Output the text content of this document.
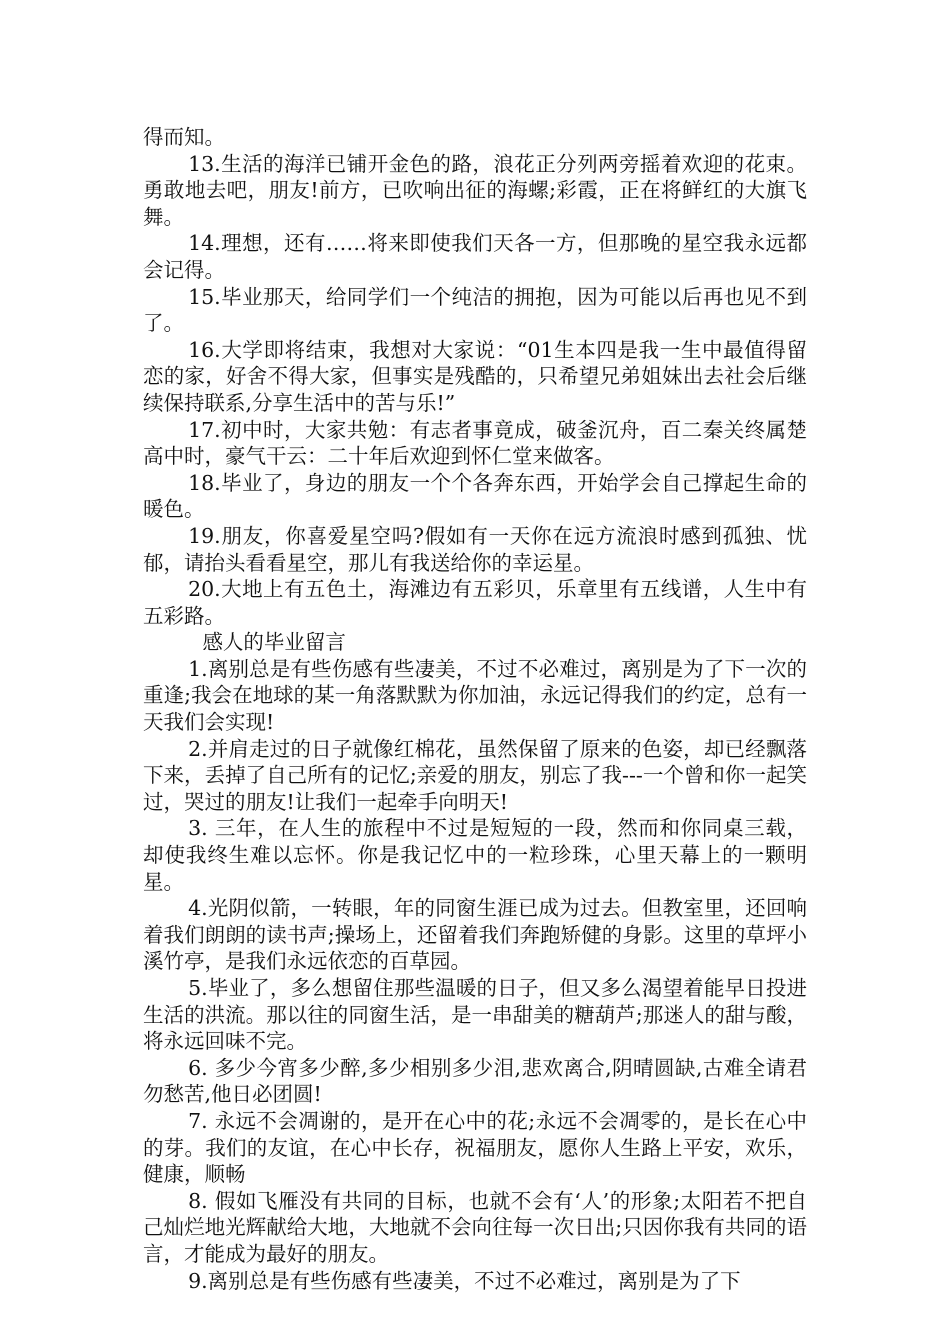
得而知。

13.生活的海洋已铺开金色的路，浪花正分列两旁摇着欢迎的花束。勇敢地去吧，朋友!前方，已吹响出征的海螺;彩霞，正在将鲜红的大旗飞舞。

14.理想，还有……将来即使我们天各一方，但那晚的星空我永远都会记得。

15.毕业那天，给同学们一个纯洁的拥抱，因为可能以后再也见不到了。

16.大学即将结束，我想对大家说：“01生本四是我一生中最值得留恋的家，好舍不得大家，但事实是残酷的，只希望兄弟姐妹出去社会后继续保持联系,分享生活中的苦与乐!”

17.初中时，大家共勉：有志者事竟成，破釜沉舟，百二秦关终属楚高中时，豪气干云：二十年后欢迎到怀仁堂来做客。

18.毕业了，身边的朋友一个个各奔东西，开始学会自己撑起生命的暖色。

19.朋友，你喜爱星空吗?假如有一天你在远方流浪时感到孤独、忧郁，请抬头看看星空，那儿有我送给你的幸运星。

20.大地上有五色土，海滩边有五彩贝，乐章里有五线谱，人生中有五彩路。

感人的毕业留言

1.离别总是有些伤感有些凄美，不过不必难过，离别是为了下一次的重逢;我会在地球的某一角落默默为你加油，永远记得我们的约定，总有一天我们会实现!

2.并肩走过的日子就像红棉花，虽然保留了原来的色姿，却已经飘落下来，丢掉了自己所有的记忆;亲爱的朋友，别忘了我---一个曾和你一起笑过，哭过的朋友!让我们一起牵手向明天!

3. 三年，在人生的旅程中不过是短短的一段，然而和你同桌三载，却使我终生难以忘怀。你是我记忆中的一粒珍珠，心里天幕上的一颗明星。

4.光阴似箭，一转眼，年的同窗生涯已成为过去。但教室里，还回响着我们朗朗的读书声;操场上，还留着我们奔跑矫健的身影。这里的草坪小溪竹亭，是我们永远依恋的百草园。

5.毕业了，多么想留住那些温暖的日子，但又多么渴望着能早日投进生活的洪流。那以往的同窗生活，是一串甜美的糖葫芦;那迷人的甜与酸，将永远回味不完。

6. 多少今宵多少醉,多少相别多少泪,悲欢离合,阴晴圆缺,古难全请君勿愁苦,他日必团圆!

7. 永远不会凋谢的，是开在心中的花;永远不会凋零的，是长在心中的芽。我们的友谊，在心中长存，祝福朋友，愿你人生路上平安，欢乐，健康，顺畅

8. 假如飞雁没有共同的目标，也就不会有‘人’的形象;太阳若不把自己灿烂地光辉献给大地，大地就不会向往每一次日出;只因你我有共同的语言，才能成为最好的朋友。

9.离别总是有些伤感有些凄美，不过不必难过，离别是为了下
